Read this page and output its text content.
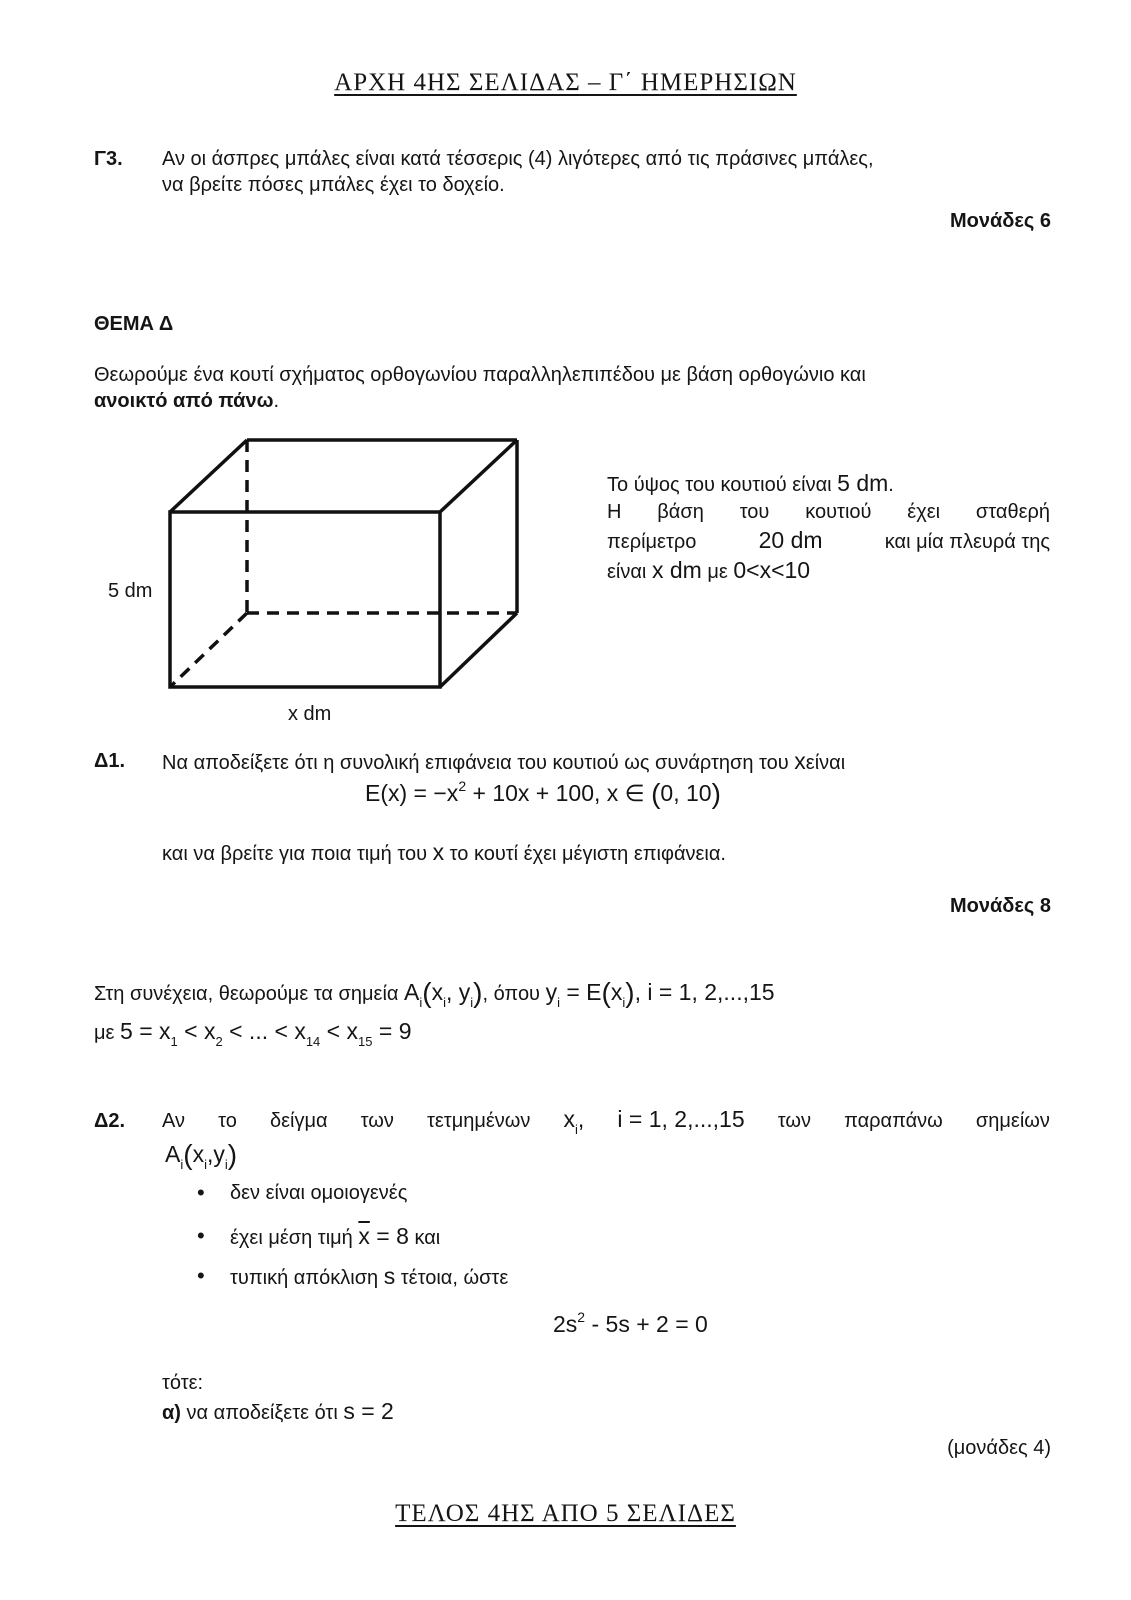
ΑΡΧΗ 4ΗΣ ΣΕΛΙΔΑΣ – Γ΄ ΗΜΕΡΗΣΙΩΝ
Γ3. Αν οι άσπρες μπάλες είναι κατά τέσσερις (4) λιγότερες από τις πράσινες μπάλες,
να βρείτε πόσες μπάλες έχει το δοχείο.
Μονάδες 6
ΘΕΜΑ Δ
Θεωρούμε ένα κουτί σχήματος ορθογωνίου παραλληλεπιπέδου με βάση ορθογώνιο και
ανοικτό από πάνω.
5 dm
x dm
Το ύψος του κουτιού είναι 5 dm.
Η βάση του κουτιού έχει σταθερή
περίμετρο	20 dm	και μία πλευρά της
είναι x dm με 0<x<10
Δ1. Να αποδείξετε ότι η συνολική επιφάνεια του κουτιού ως συνάρτηση του xείναι
$E(x) = -x^2 + 10x + 100$, x ∈ (0, 10)
και να βρείτε για ποια τιμή του x το κουτί έχει μέγιστη επιφάνεια.
Μονάδες 8
Στη συνέχεια, θεωρούμε τα σημεία $A_i(x_i$, $y_i$), όπου $y_i = E(x_i)$, i = 1, 2,...,15
με $5 = x_1 < x_2$ < ... < $x_{14} < x_{15} = 9$
Δ2. Αν το δείγμα των τετμημένων $x_i$, i = 1, 2,...,15 των παραπάνω σημείων
$A_i(x_i,y_i)$
• δεν είναι ομοιογενές
• έχει μέση τιμή $\overline{x} = 8$ και
• τυπική απόκλιση s τέτοια, ώστε
$2s^2 - 5s + 2 = 0$
τότε:
α) να αποδείξετε ότι s = 2
(μονάδες 4)
ΤΕΛΟΣ 4ΗΣ ΑΠΟ 5 ΣΕΛΙΔΕΣ
